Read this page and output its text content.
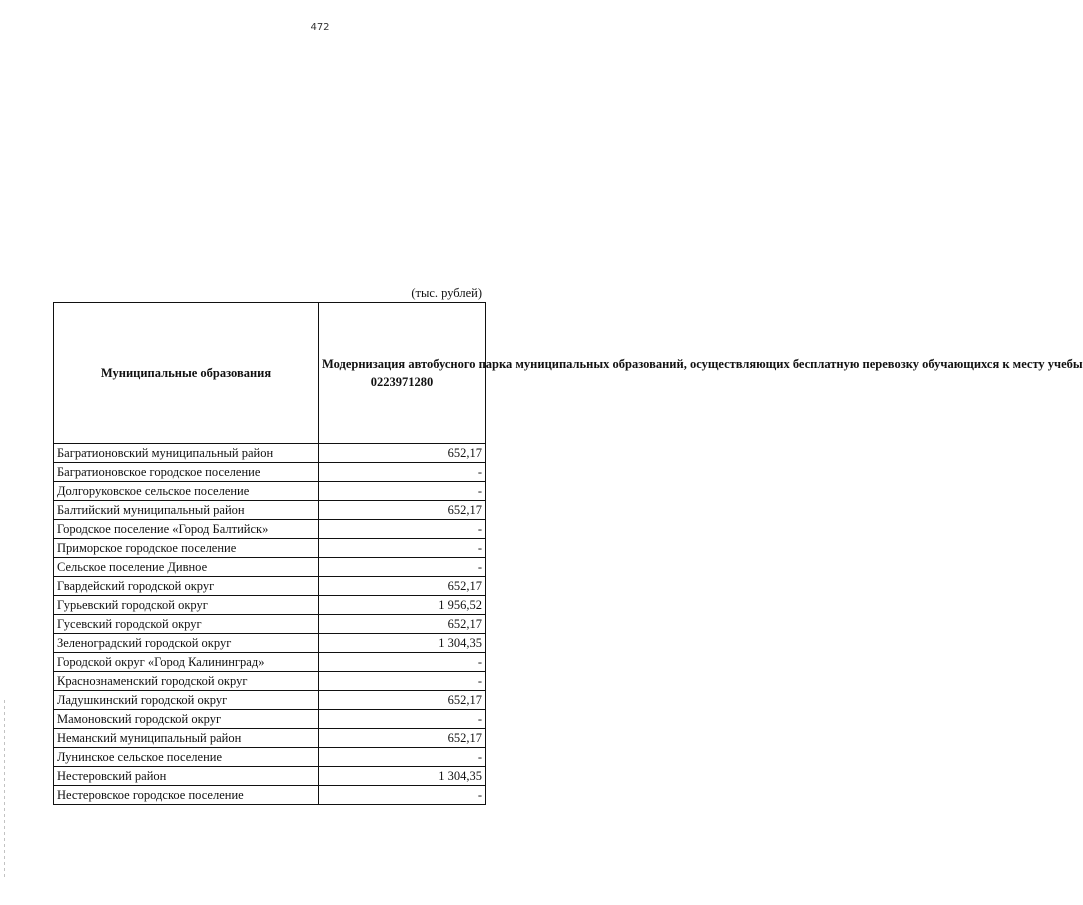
472
(тыс. рублей)
Муниципальные образования	Модернизация автобусного парка муниципальных образований, осуществляющих бесплатную перевозку обучающихся к месту учебы
0223971280

Багратионовский муниципальный район	652,17
Багратионовское городское поселение	-
Долгоруковское сельское поселение	-
Балтийский муниципальный район	652,17
Городское поселение «Город Балтийск»	-
Приморское городское поселение	-
Сельское поселение Дивное	-
Гвардейский городской округ	652,17
Гурьевский городской округ	1 956,52
Гусевский городской округ	652,17
Зеленоградский городской округ	1 304,35
Городской округ «Город Калининград»	-
Краснознаменский городской округ	-
Ладушкинский городской округ	652,17
Мамоновский городской округ	-
Неманский муниципальный район	652,17
Лунинское сельское поселение	-
Нестеровский район	1 304,35
Нестеровское городское поселение	-
